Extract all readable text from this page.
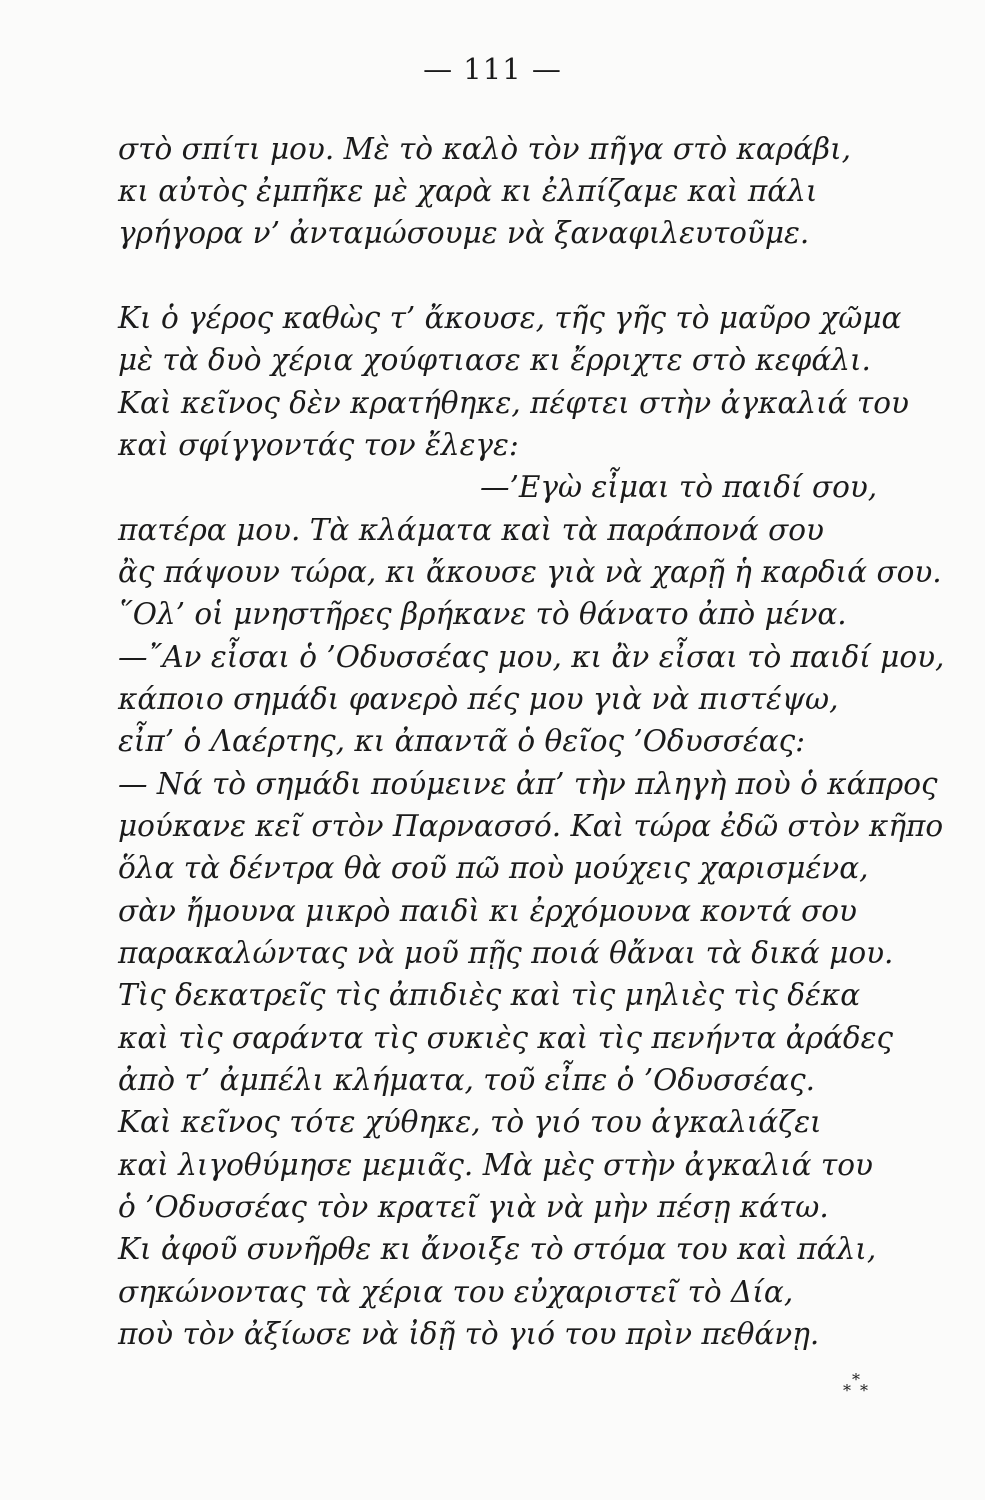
— 111 —
στὸ σπίτι μου. Μὲ τὸ καλὸ τὸν πῆγα στὸ καράβι,
κι αὐτὸς ἐμπῆκε μὲ χαρὰ κι ἐλπίζαμε καὶ πάλι
γρήγορα ν’ ἀνταμώσουμε νὰ ξαναφιλευτοῦμε.
Κι ὁ γέρος καθὼς τ’ ἄκουσε, τῆς γῆς τὸ μαῦρο χῶμα
μὲ τὰ δυὸ χέρια χούφτιασε κι ἔρριχτε στὸ κεφάλι.
Καὶ κεῖνος δὲν κρατήθηκε, πέφτει στὴν ἀγκαλιά του
καὶ σφίγγοντάς τον ἔλεγε:
—’Εγὼ εἶμαι τὸ παιδί σου,
πατέρα μου. Τὰ κλάματα καὶ τὰ παράπονά σου
ἂς πάψουν τώρα, κι ἄκουσε γιὰ νὰ χαρῇ ἡ καρδιά σου.
῞Ολ’ οἱ μνηστῆρες βρήκανε τὸ θάνατο ἀπὸ μένα.
—῎Αν εἶσαι ὁ ’Οδυσσέας μου, κι ἂν εἶσαι τὸ παιδί μου,
κάποιο σημάδι φανερὸ πές μου γιὰ νὰ πιστέψω,
εἶπ’ ὁ Λαέρτης, κι ἀπαντᾶ ὁ θεῖος ’Οδυσσέας:
— Νά τὸ σημάδι πούμεινε ἀπ’ τὴν πληγὴ ποὺ ὁ κάπρος
μούκανε κεῖ στὸν Παρνασσό. Καὶ τώρα ἐδῶ στὸν κῆπο
ὅλα τὰ δέντρα θὰ σοῦ πῶ ποὺ μούχεις χαρισμένα,
σὰν ἤμουνα μικρὸ παιδὶ κι ἐρχόμουνα κοντά σου
παρακαλώντας νὰ μοῦ πῇς ποιά θἄναι τὰ δικά μου.
Τὶς δεκατρεῖς τὶς ἀπιδιὲς καὶ τὶς μηλιὲς τὶς δέκα
καὶ τὶς σαράντα τὶς συκιὲς καὶ τὶς πενήντα ἀράδες
ἀπὸ τ’ ἀμπέλι κλήματα, τοῦ εἶπε ὁ ’Οδυσσέας.
Καὶ κεῖνος τότε χύθηκε, τὸ γιό του ἀγκαλιάζει
καὶ λιγοθύμησε μεμιᾶς. Μὰ μὲς στὴν ἀγκαλιά του
ὁ ’Οδυσσέας τὸν κρατεῖ γιὰ νὰ μὴν πέσῃ κάτω.
Κι ἀφοῦ συνῆρθε κι ἄνοιξε τὸ στόμα του καὶ πάλι,
σηκώνοντας τὰ χέρια του εὐχαριστεῖ τὸ Δία,
ποὺ τὸν ἀξίωσε νὰ ἰδῇ τὸ γιό του πρὶν πεθάνῃ.
*
* *
